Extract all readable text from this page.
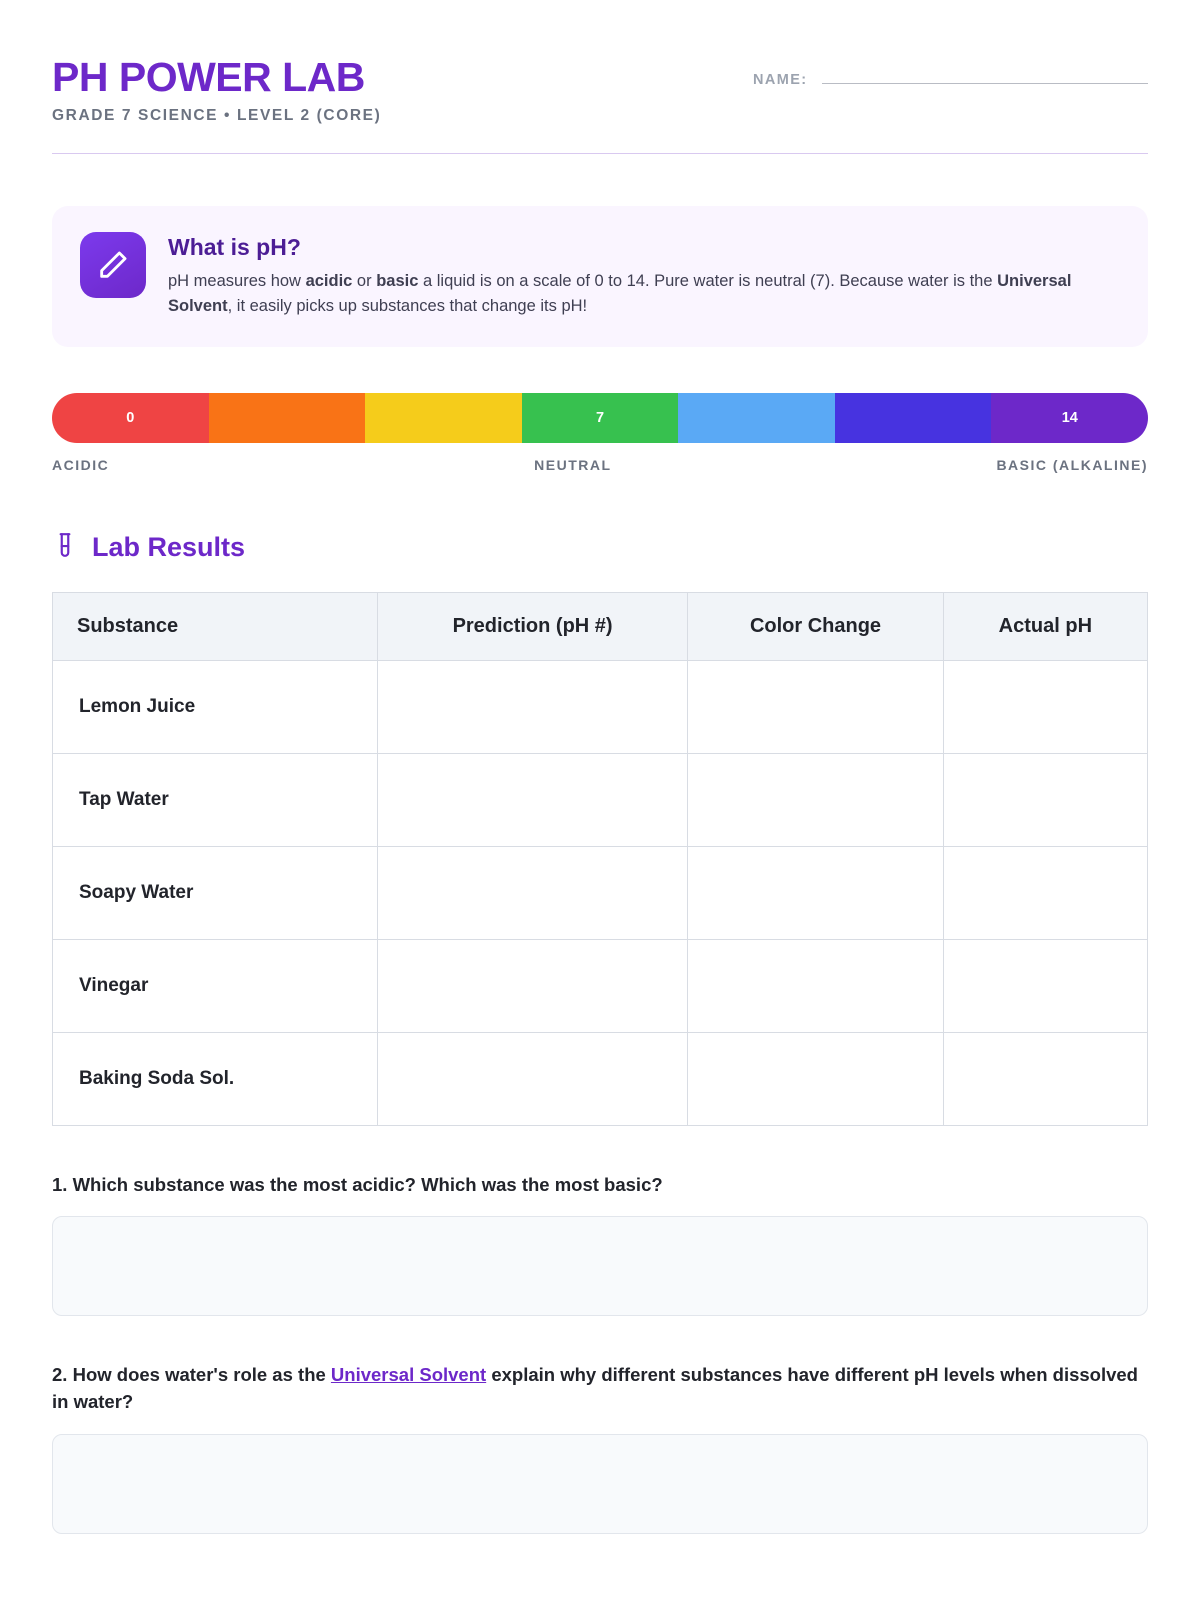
PH POWER LAB

GRADE 7 SCIENCE • LEVEL 2 (CORE)

NAME:
What is pH?

pH measures how acidic or basic a liquid is on a scale of 0 to 14. Pure water is neutral (7). Because water is the Universal Solvent, it easily picks up substances that change its pH!

0	7	14
ACIDIC	NEUTRAL	BASIC (ALKALINE)
Lab Results
Substance	Prediction (pH #)	Color Change	Actual pH
Lemon Juice			
Tap Water			
Soapy Water			
Vinegar			
Baking Soda Sol.			

1. Which substance was the most acidic? Which was the most basic?

2. How does water's role as the Universal Solvent explain why different substances have different pH levels when dissolved in water?
